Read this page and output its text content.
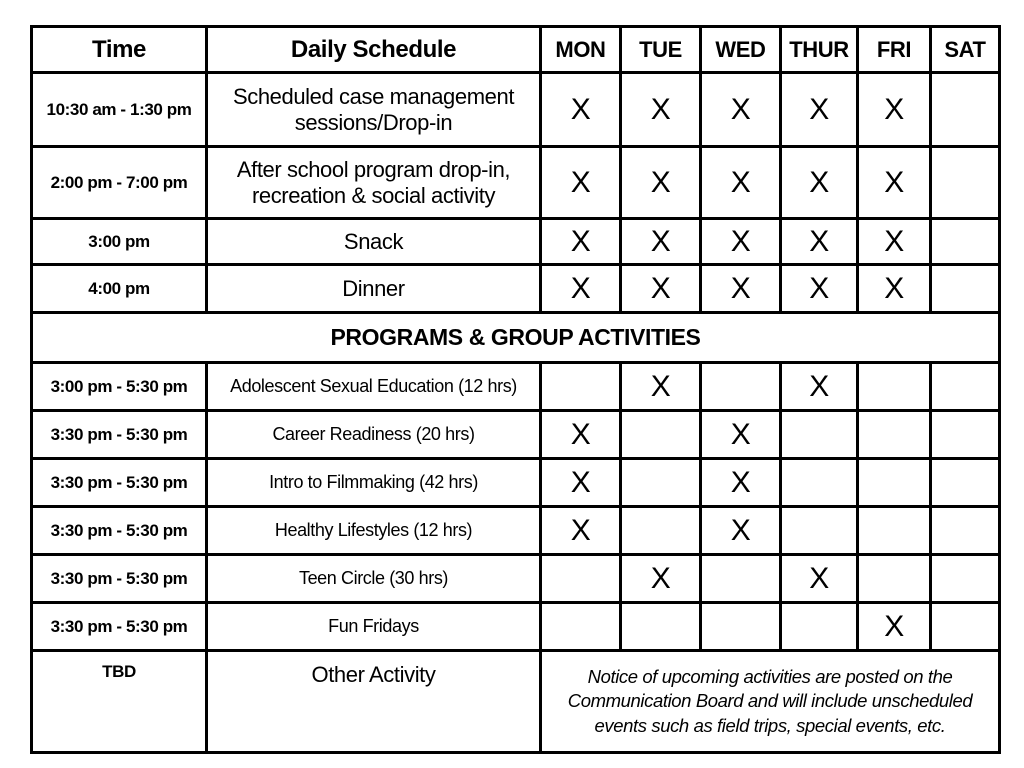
Time	Daily Schedule	MON	TUE	WED	THUR	FRI	SAT
10:30 am - 1:30 pm	Scheduled case management sessions/Drop-in	X	X	X	X	X	
2:00 pm - 7:00 pm	After school program drop-in, recreation & social activity	X	X	X	X	X	
3:00 pm	Snack	X	X	X	X	X	
4:00 pm	Dinner	X	X	X	X	X	
PROGRAMS & GROUP ACTIVITIES							
3:00 pm - 5:30 pm	Adolescent Sexual Education (12 hrs)		X		X		
3:30 pm - 5:30 pm	Career Readiness (20 hrs)	X		X			
3:30 pm - 5:30 pm	Intro to Filmmaking (42 hrs)	X		X			
3:30 pm - 5:30 pm	Healthy Lifestyles (12 hrs)	X		X			
3:30 pm - 5:30 pm	Teen Circle (30 hrs)		X		X		
3:30 pm - 5:30 pm	Fun Fridays					X	
TBD	Other Activity	Notice of upcoming activities are posted on the Communication Board and will include unscheduled events such as field trips, special events, etc.					
